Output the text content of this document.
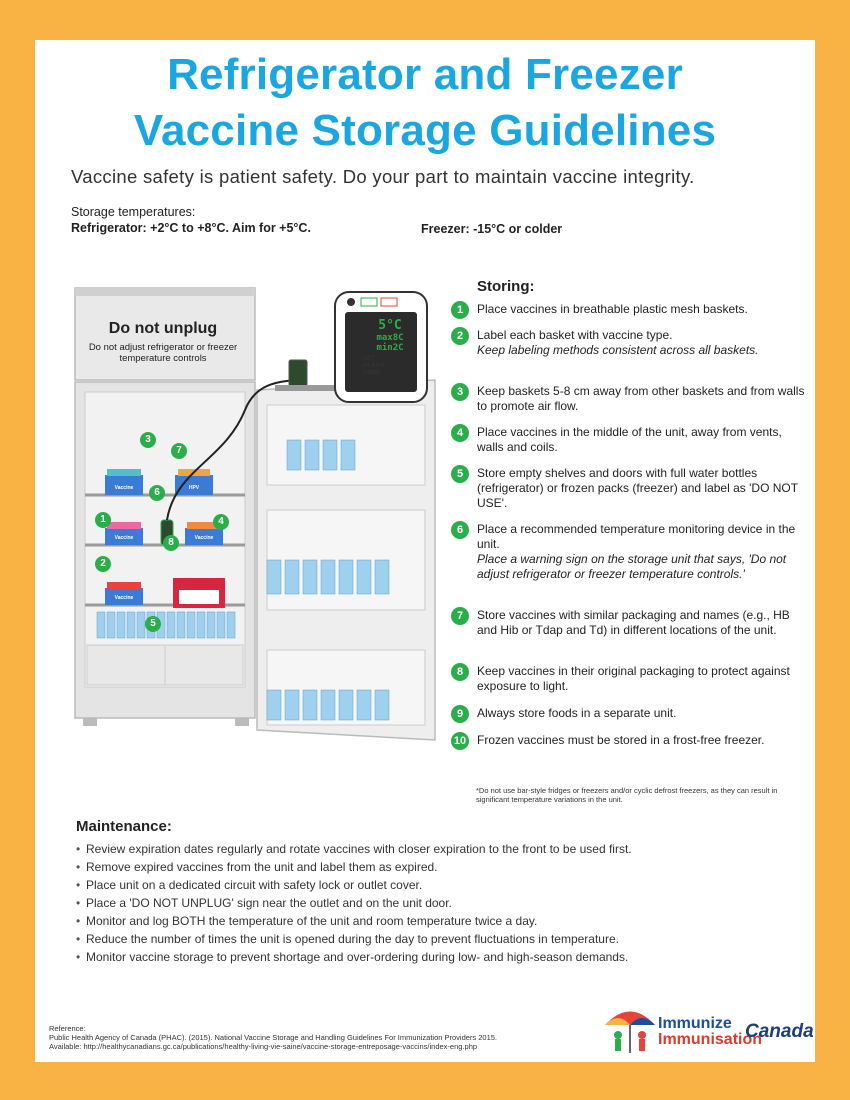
Refrigerator and Freezer
Vaccine Storage Guidelines
Vaccine safety is patient safety. Do your part to maintain vaccine integrity.
Storage temperatures:
Refrigerator: +2°C to +8°C. Aim for +5°C.	Freezer: -15°C or colder
Do not unplug
Do not adjust refrigerator or freezer temperature controls
5°C
max8C
min2C
SET
ALARM
MODE
Vaccine	HPV
Vaccine	Vaccine
Vaccine
3
7
6
1	4
8
2
5
Storing:
1	Place vaccines in breathable plastic mesh baskets.
2	Label each basket with vaccine type.
Keep labeling methods consistent across all baskets.
3	Keep baskets 5-8 cm away from other baskets and from walls to promote air flow.
4	Place vaccines in the middle of the unit, away from vents, walls and coils.
5	Store empty shelves and doors with full water bottles (refrigerator) or frozen packs (freezer) and label as 'DO NOT USE'.
6	Place a recommended temperature monitoring device in the unit.
Place a warning sign on the storage unit that says, 'Do not adjust refrigerator or freezer temperature controls.'
7	Store vaccines with similar packaging and names (e.g., HB and Hib or Tdap and Td) in different locations of the unit.
8	Keep vaccines in their original packaging to protect against exposure to light.
9	Always store foods in a separate unit.
10 Frozen vaccines must be stored in a frost-free freezer.
*Do not use bar-style fridges or freezers and/or cyclic defrost freezers, as they can result in significant temperature variations in the unit.
Maintenance:
• Review expiration dates regularly and rotate vaccines with closer expiration to the front to be used first.
• Remove expired vaccines from the unit and label them as expired.
• Place unit on a dedicated circuit with safety lock or outlet cover.
• Place a 'DO NOT UNPLUG' sign near the outlet and on the unit door.
• Monitor and log BOTH the temperature of the unit and room temperature twice a day.
• Reduce the number of times the unit is opened during the day to prevent fluctuations in temperature.
• Monitor vaccine storage to prevent shortage and over-ordering during low- and high-season demands.
Reference:
Public Health Agency of Canada (PHAC). (2015). National Vaccine Storage and Handling Guidelines For Immunization Providers 2015.
Available: http://healthycanadians.gc.ca/publications/healthy-living-vie-saine/vaccine-storage-entreposage-vaccins/index-eng.php
Immunize
Immunisation
Canada
